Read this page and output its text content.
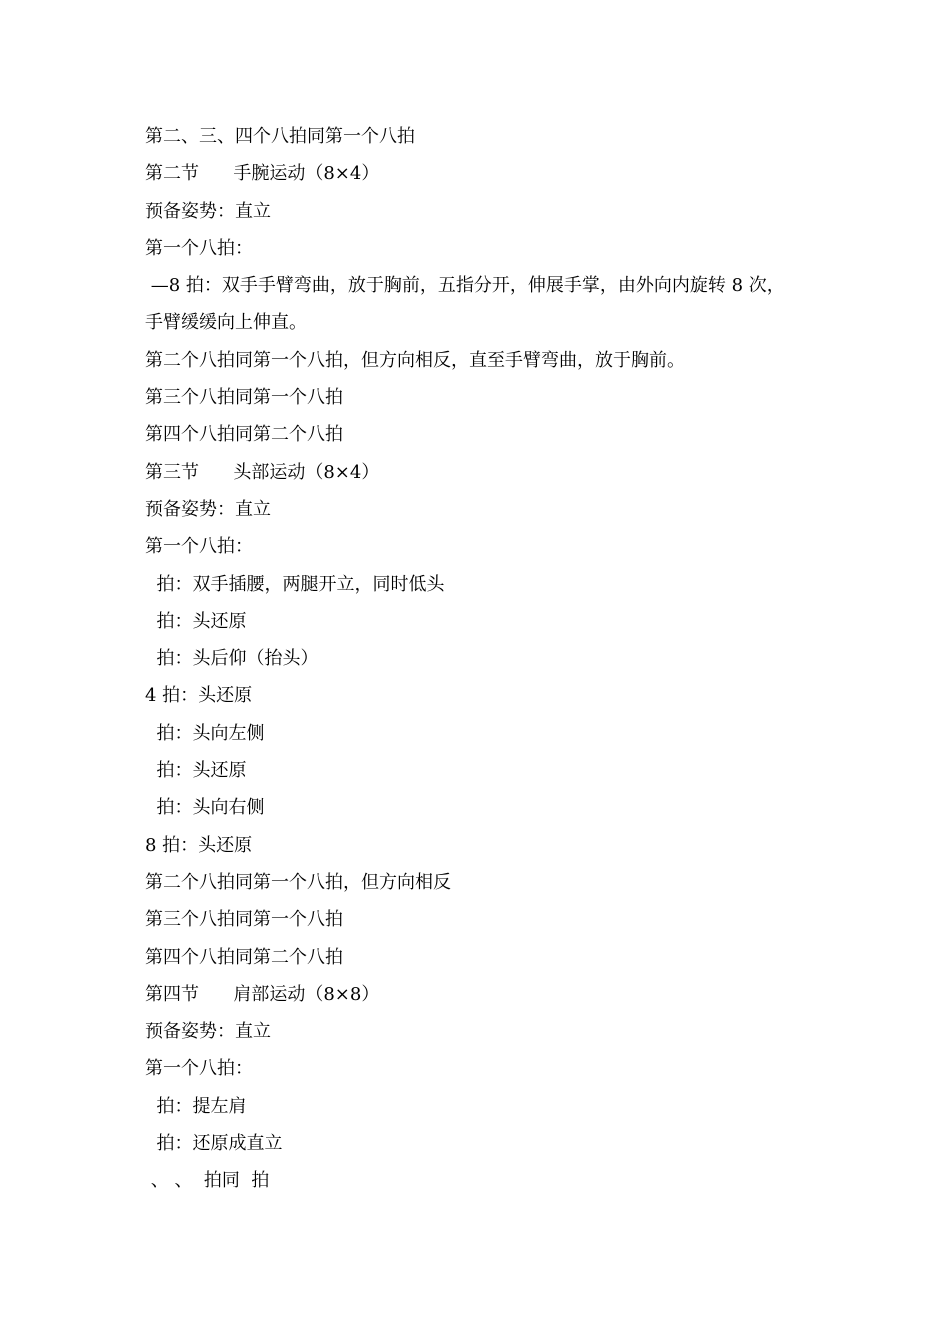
第二、三、四个八拍同第一个八拍
第二节      手腕运动（8×4）
预备姿势：直立
第一个八拍：
—8 拍：双手手臂弯曲，放于胸前，五指分开，伸展手掌，由外向内旋转 8 次，
手臂缓缓向上伸直。
第二个八拍同第一个八拍，但方向相反，直至手臂弯曲，放于胸前。
第三个八拍同第一个八拍
第四个八拍同第二个八拍
第三节      头部运动（8×4）
预备姿势：直立
第一个八拍：
拍：双手插腰，两腿开立，同时低头
拍：头还原
拍：头后仰（抬头）
4 拍：头还原
拍：头向左侧
拍：头还原
拍：头向右侧
8 拍：头还原
第二个八拍同第一个八拍，但方向相反
第三个八拍同第一个八拍
第四个八拍同第二个八拍
第四节      肩部运动（8×8）
预备姿势：直立
第一个八拍：
拍：提左肩
拍：还原成直立
、 、  拍同  拍
